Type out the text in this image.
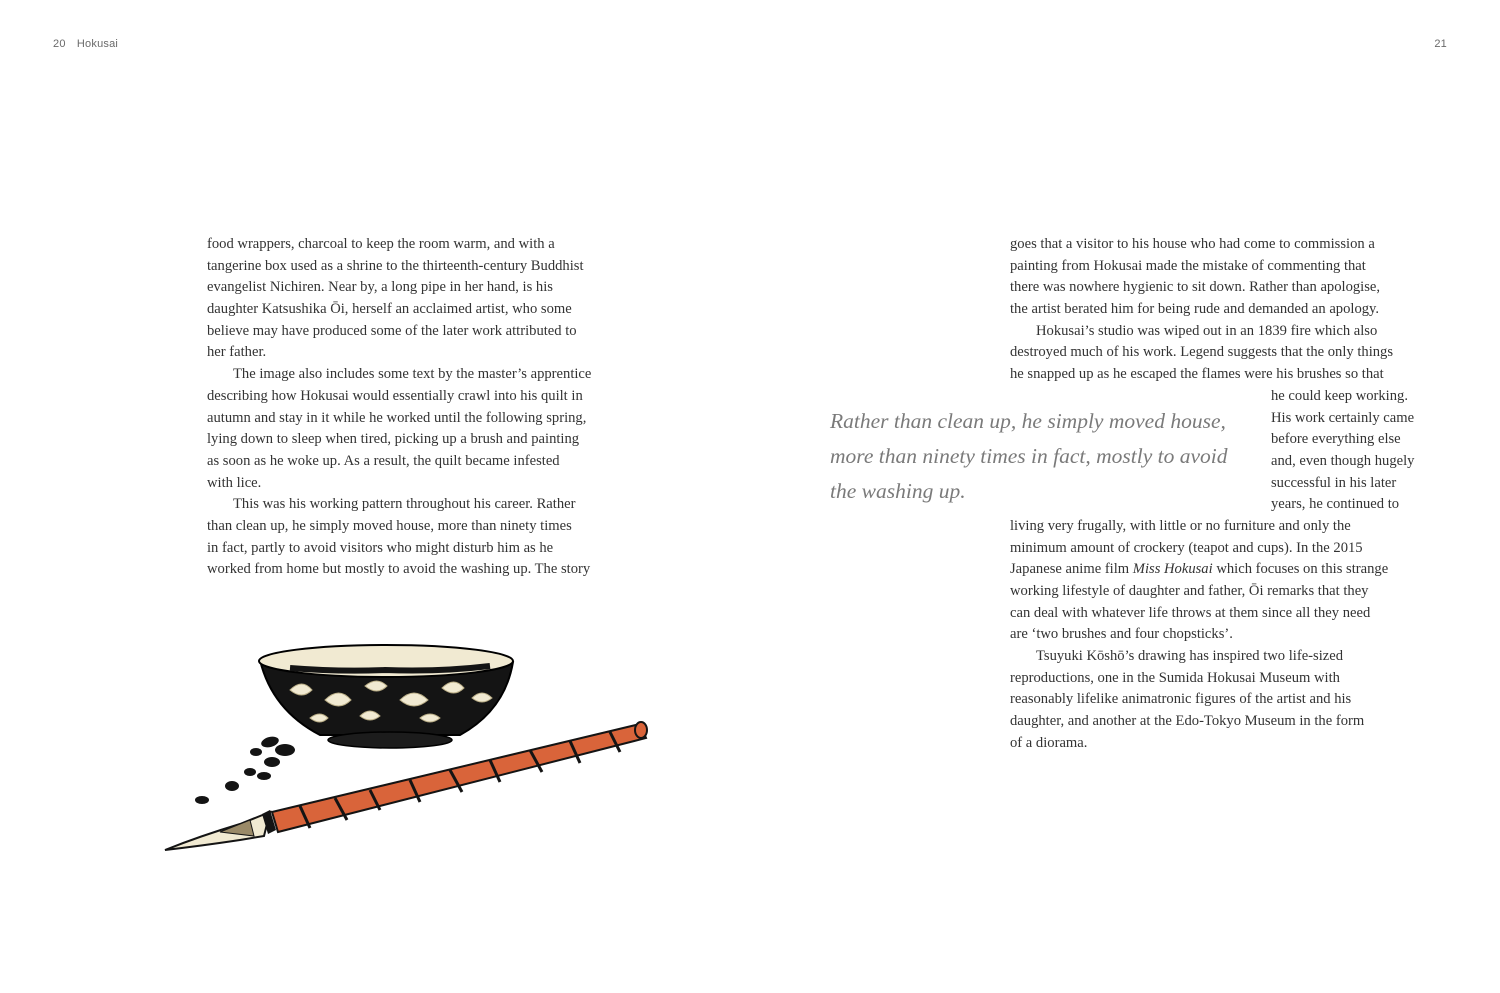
20 Hokusai	21
food wrappers, charcoal to keep the room warm, and with a
tangerine box used as a shrine to the thirteenth-century Buddhist
evangelist Nichiren. Near by, a long pipe in her hand, is his
daughter Katsushika Ōi, herself an acclaimed artist, who some
believe may have produced some of the later work attributed to
her father.
The image also includes some text by the master’s apprentice
describing how Hokusai would essentially crawl into his quilt in
autumn and stay in it while he worked until the following spring,
lying down to sleep when tired, picking up a brush and painting
as soon as he woke up. As a result, the quilt became infested
with lice.
This was his working pattern throughout his career. Rather
than clean up, he simply moved house, more than ninety times
in fact, partly to avoid visitors who might disturb him as he
worked from home but mostly to avoid the washing up. The story
goes that a visitor to his house who had come to commission a
painting from Hokusai made the mistake of commenting that
there was nowhere hygienic to sit down. Rather than apologise,
the artist berated him for being rude and demanded an apology.
Hokusai’s studio was wiped out in an 1839 fire which also
destroyed much of his work. Legend suggests that the only things
he snapped up as he escaped the flames were his brushes so that
he could keep working.
His work certainly came
before everything else
and, even though hugely
successful in his later
years, he continued to
living very frugally, with little or no furniture and only the
minimum amount of crockery (teapot and cups). In the 2015
Japanese anime film Miss Hokusai which focuses on this strange
working lifestyle of daughter and father, Ōi remarks that they
can deal with whatever life throws at them since all they need
are ‘two brushes and four chopsticks’.
Tsuyuki Kōshō’s drawing has inspired two life-sized
reproductions, one in the Sumida Hokusai Museum with
reasonably lifelike animatronic figures of the artist and his
daughter, and another at the Edo-Tokyo Museum in the form
of a diorama.
Rather than clean up, he simply moved house,
more than ninety times in fact, mostly to avoid
the washing up.
